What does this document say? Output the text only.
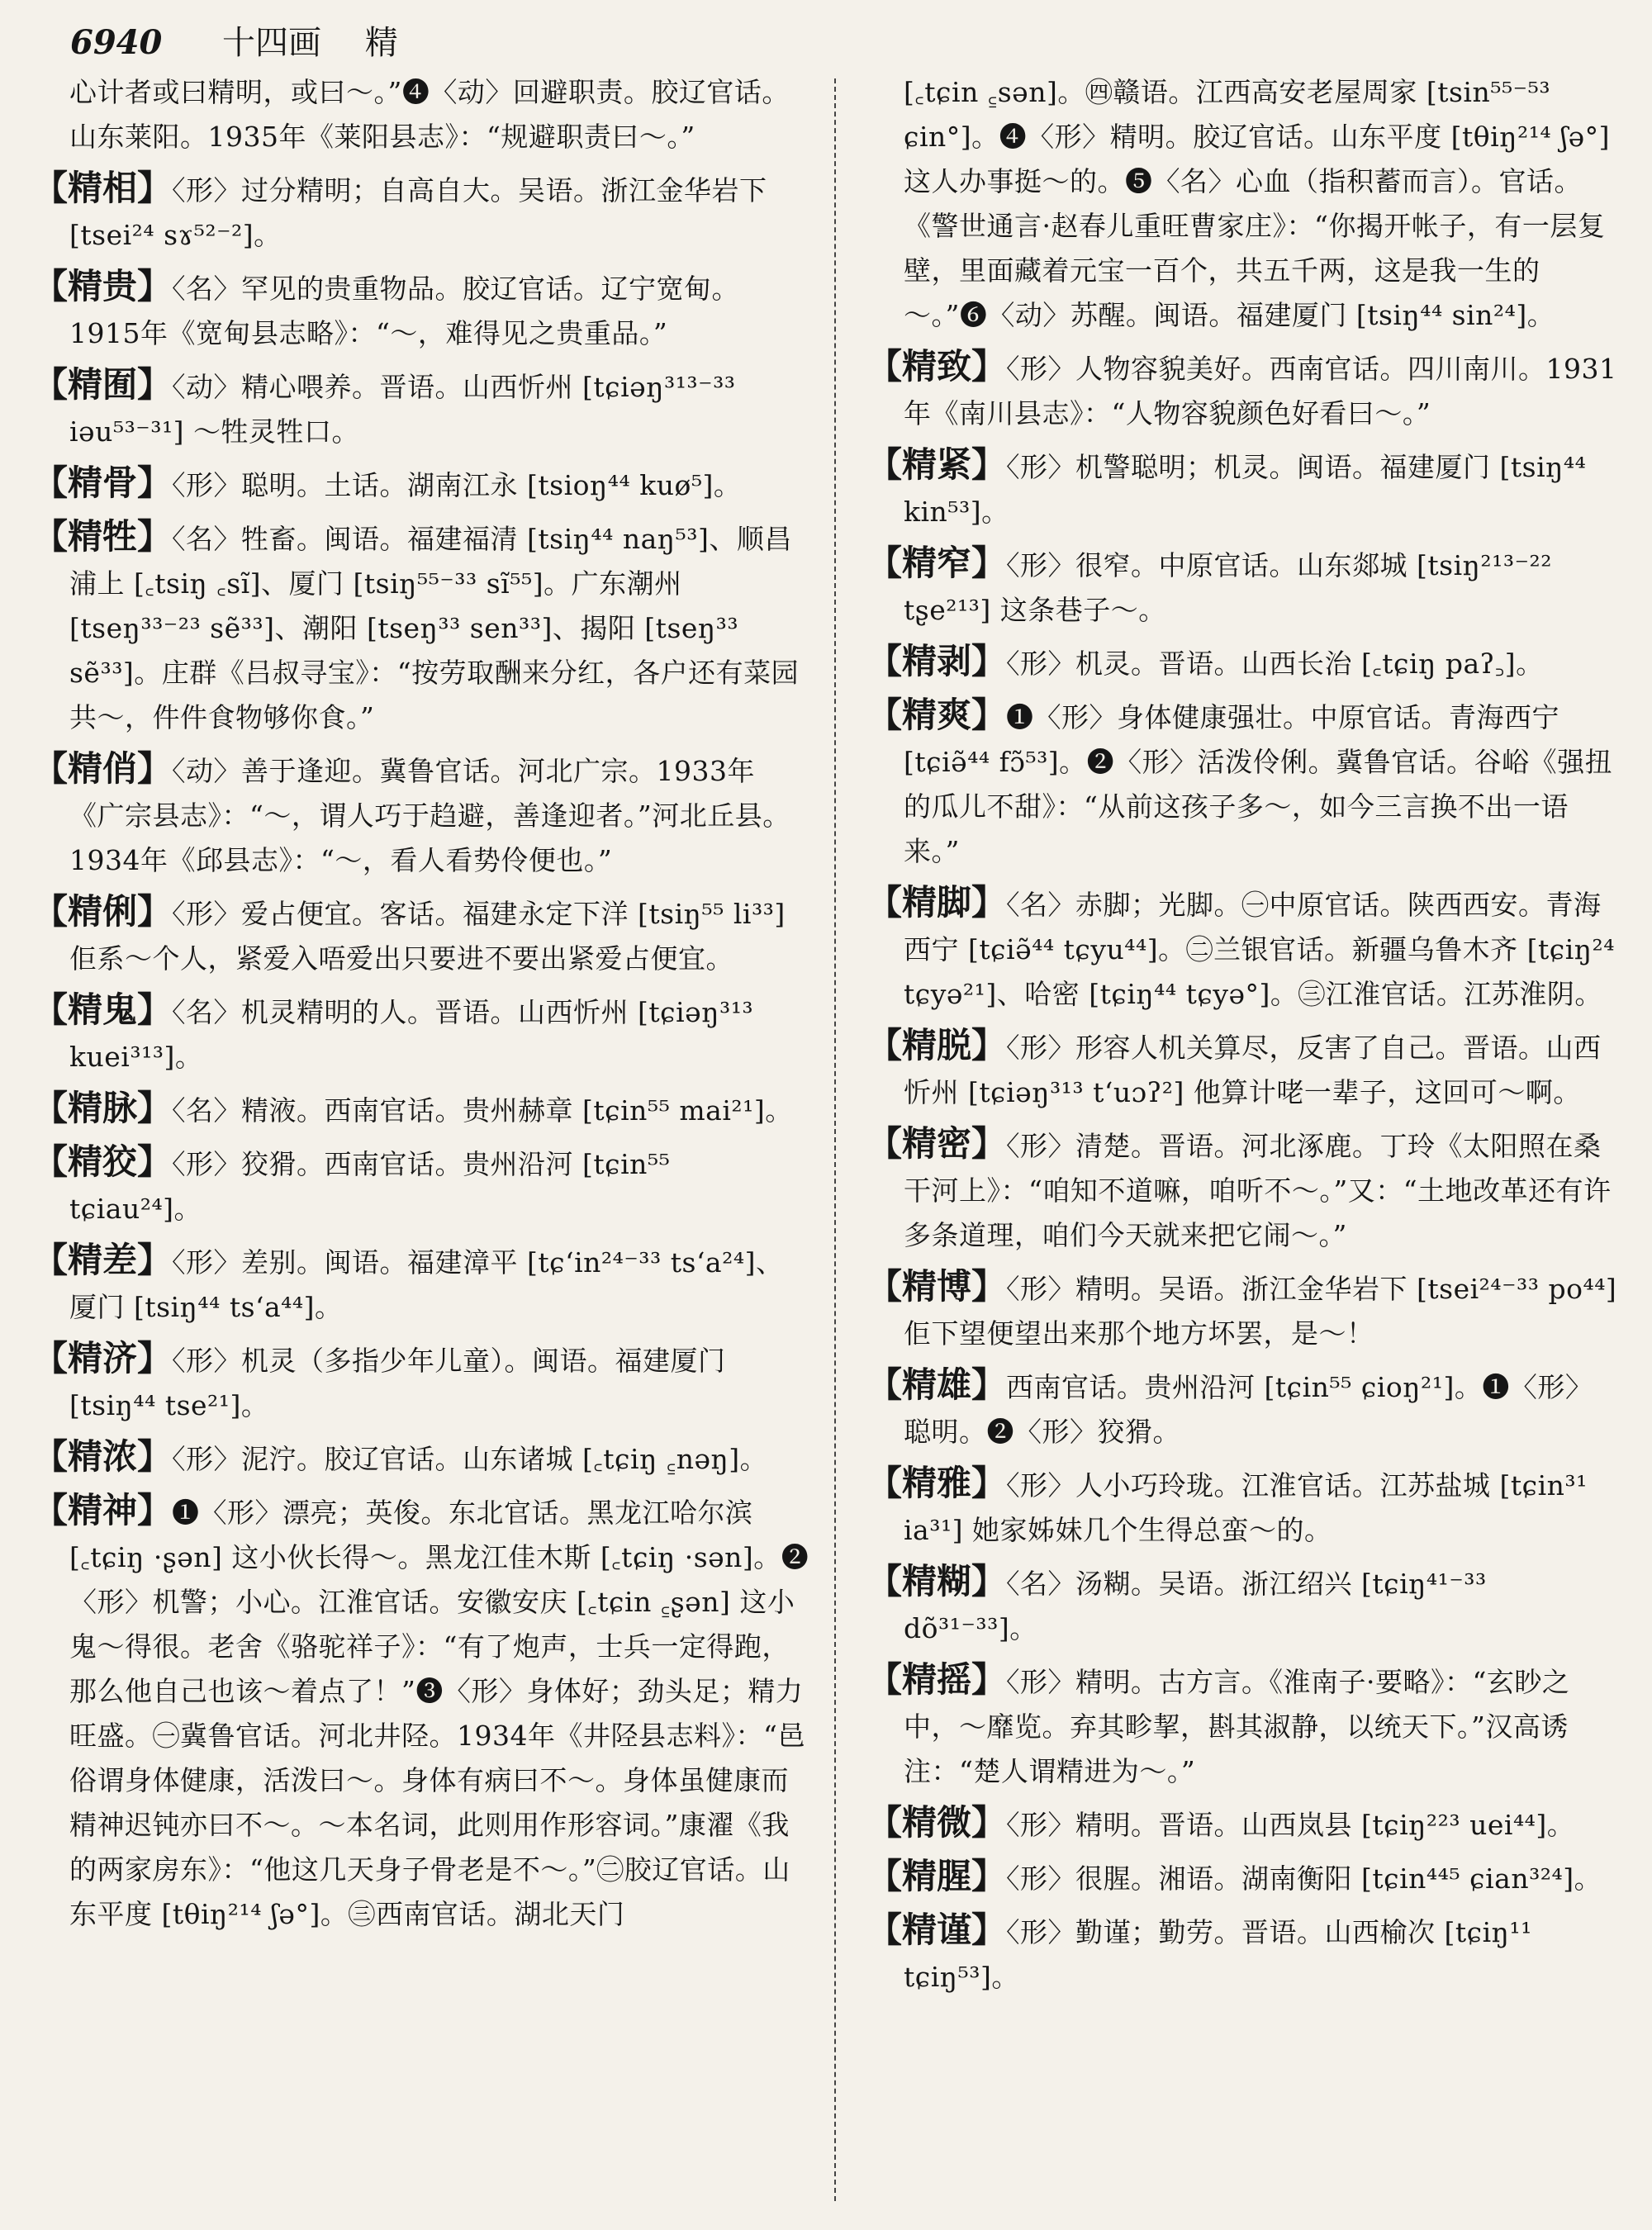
6940 十四画 精

心计者或曰精明，或曰～。”❹〈动〉回避职责。胶辽官话。山东莱阳。1935年《莱阳县志》：“规避职责曰～。”

【精相】〈形〉过分精明；自高自大。吴语。浙江金华岩下 [tsei²⁴ sɤ⁵²⁻²]。

【精贵】〈名〉罕见的贵重物品。胶辽官话。辽宁宽甸。1915年《宽甸县志略》：“～，难得见之贵重品。”

【精囿】〈动〉精心喂养。晋语。山西忻州 [tɕiəŋ³¹³⁻³³ iəu⁵³⁻³¹] ～牲灵牲口。

【精骨】〈形〉聪明。土话。湖南江永 [tsioŋ⁴⁴ kuø⁵]。

【精牲】〈名〉牲畜。闽语。福建福清 [tsiŋ⁴⁴ naŋ⁵³]、顺昌浦上 [꜀tsiŋ ꜀sĩ]、厦门 [tsiŋ⁵⁵⁻³³ sĩ⁵⁵]。广东潮州 [tseŋ³³⁻²³ sẽ³³]、潮阳 [tseŋ³³ sen³³]、揭阳 [tseŋ³³ sẽ³³]。庄群《吕叔寻宝》：“按劳取酬来分红，各户还有菜园共～，件件食物够你食。”

【精俏】〈动〉善于逢迎。冀鲁官话。河北广宗。1933年《广宗县志》：“～，谓人巧于趋避，善逢迎者。”河北丘县。1934年《邱县志》：“～，看人看势伶便也。”

【精俐】〈形〉爱占便宜。客话。福建永定下洋 [tsiŋ⁵⁵ li³³] 佢系～个人，紧爱入唔爱出只要进不要出紧爱占便宜。

【精鬼】〈名〉机灵精明的人。晋语。山西忻州 [tɕiəŋ³¹³ kuei³¹³]。

【精脉】〈名〉精液。西南官话。贵州赫章 [tɕin⁵⁵ mai²¹]。

【精狡】〈形〉狡猾。西南官话。贵州沿河 [tɕin⁵⁵ tɕiau²⁴]。

【精差】〈形〉差别。闽语。福建漳平 [tɕʻin²⁴⁻³³ tsʻa²⁴]、厦门 [tsiŋ⁴⁴ tsʻa⁴⁴]。

【精济】〈形〉机灵（多指少年儿童）。闽语。福建厦门 [tsiŋ⁴⁴ tse²¹]。

【精浓】〈形〉泥泞。胶辽官话。山东诸城 [꜀tɕiŋ ꜁nəŋ]。

【精神】❶〈形〉漂亮；英俊。东北官话。黑龙江哈尔滨 [꜀tɕiŋ ·ʂən] 这小伙长得～。黑龙江佳木斯 [꜀tɕiŋ ·sən]。❷〈形〉机警；小心。江淮官话。安徽安庆 [꜀tɕin ꜁ʂən] 这小鬼～得很。老舍《骆驼祥子》：“有了炮声，士兵一定得跑，那么他自己也该～着点了！”❸〈形〉身体好；劲头足；精力旺盛。㊀冀鲁官话。河北井陉。1934年《井陉县志料》：“邑俗谓身体健康，活泼曰～。身体有病曰不～。身体虽健康而精神迟钝亦曰不～。～本名词，此则用作形容词。”康濯《我的两家房东》：“他这几天身子骨老是不～。”㊁胶辽官话。山东平度 [tθiŋ²¹⁴ ʃə°]。㊂西南官话。湖北天门

[꜀tɕin ꜁sən]。㊃赣语。江西高安老屋周家 [tsin⁵⁵⁻⁵³ ɕin°]。❹〈形〉精明。胶辽官话。山东平度 [tθiŋ²¹⁴ ʃə°] 这人办事挺～的。❺〈名〉心血（指积蓄而言）。官话。《警世通言·赵春儿重旺曹家庄》：“你揭开帐子，有一层复壁，里面藏着元宝一百个，共五千两，这是我一生的～。”❻〈动〉苏醒。闽语。福建厦门 [tsiŋ⁴⁴ sin²⁴]。

【精致】〈形〉人物容貌美好。西南官话。四川南川。1931年《南川县志》：“人物容貌颜色好看曰～。”

【精紧】〈形〉机警聪明；机灵。闽语。福建厦门 [tsiŋ⁴⁴ kin⁵³]。

【精窄】〈形〉很窄。中原官话。山东郯城 [tsiŋ²¹³⁻²² tʂe²¹³] 这条巷子～。

【精剥】〈形〉机灵。晋语。山西长治 [꜀tɕiŋ paʔ꜆]。

【精爽】❶〈形〉身体健康强壮。中原官话。青海西宁 [tɕiə̃⁴⁴ fɔ̃⁵³]。❷〈形〉活泼伶俐。冀鲁官话。谷峪《强扭的瓜儿不甜》：“从前这孩子多～，如今三言换不出一语来。”

【精脚】〈名〉赤脚；光脚。㊀中原官话。陕西西安。青海西宁 [tɕiə̃⁴⁴ tɕyu⁴⁴]。㊁兰银官话。新疆乌鲁木齐 [tɕiŋ²⁴ tɕyə²¹]、哈密 [tɕiŋ⁴⁴ tɕyə°]。㊂江淮官话。江苏淮阴。

【精脱】〈形〉形容人机关算尽，反害了自己。晋语。山西忻州 [tɕiəŋ³¹³ tʻuɔʔ²] 他算计咾一辈子，这回可～啊。

【精密】〈形〉清楚。晋语。河北涿鹿。丁玲《太阳照在桑干河上》：“咱知不道嘛，咱听不～。”又：“土地改革还有许多条道理，咱们今天就来把它闹～。”

【精博】〈形〉精明。吴语。浙江金华岩下 [tsei²⁴⁻³³ po⁴⁴] 佢下望便望出来那个地方坏罢，是～！

【精雄】西南官话。贵州沿河 [tɕin⁵⁵ ɕioŋ²¹]。❶〈形〉聪明。❷〈形〉狡猾。

【精雅】〈形〉人小巧玲珑。江淮官话。江苏盐城 [tɕin³¹ ia³¹] 她家姊妹几个生得总蛮～的。

【精糊】〈名〉汤糊。吴语。浙江绍兴 [tɕiŋ⁴¹⁻³³ dõ³¹⁻³³]。

【精摇】〈形〉精明。古方言。《淮南子·要略》：“玄眇之中，～靡览。弃其畛挈，斟其淑静，以统天下。”汉高诱注：“楚人谓精进为～。”

【精微】〈形〉精明。晋语。山西岚县 [tɕiŋ²²³ uei⁴⁴]。

【精腥】〈形〉很腥。湘语。湖南衡阳 [tɕin⁴⁴⁵ ɕian³²⁴]。

【精谨】〈形〉勤谨；勤劳。晋语。山西榆次 [tɕiŋ¹¹ tɕiŋ⁵³]。
